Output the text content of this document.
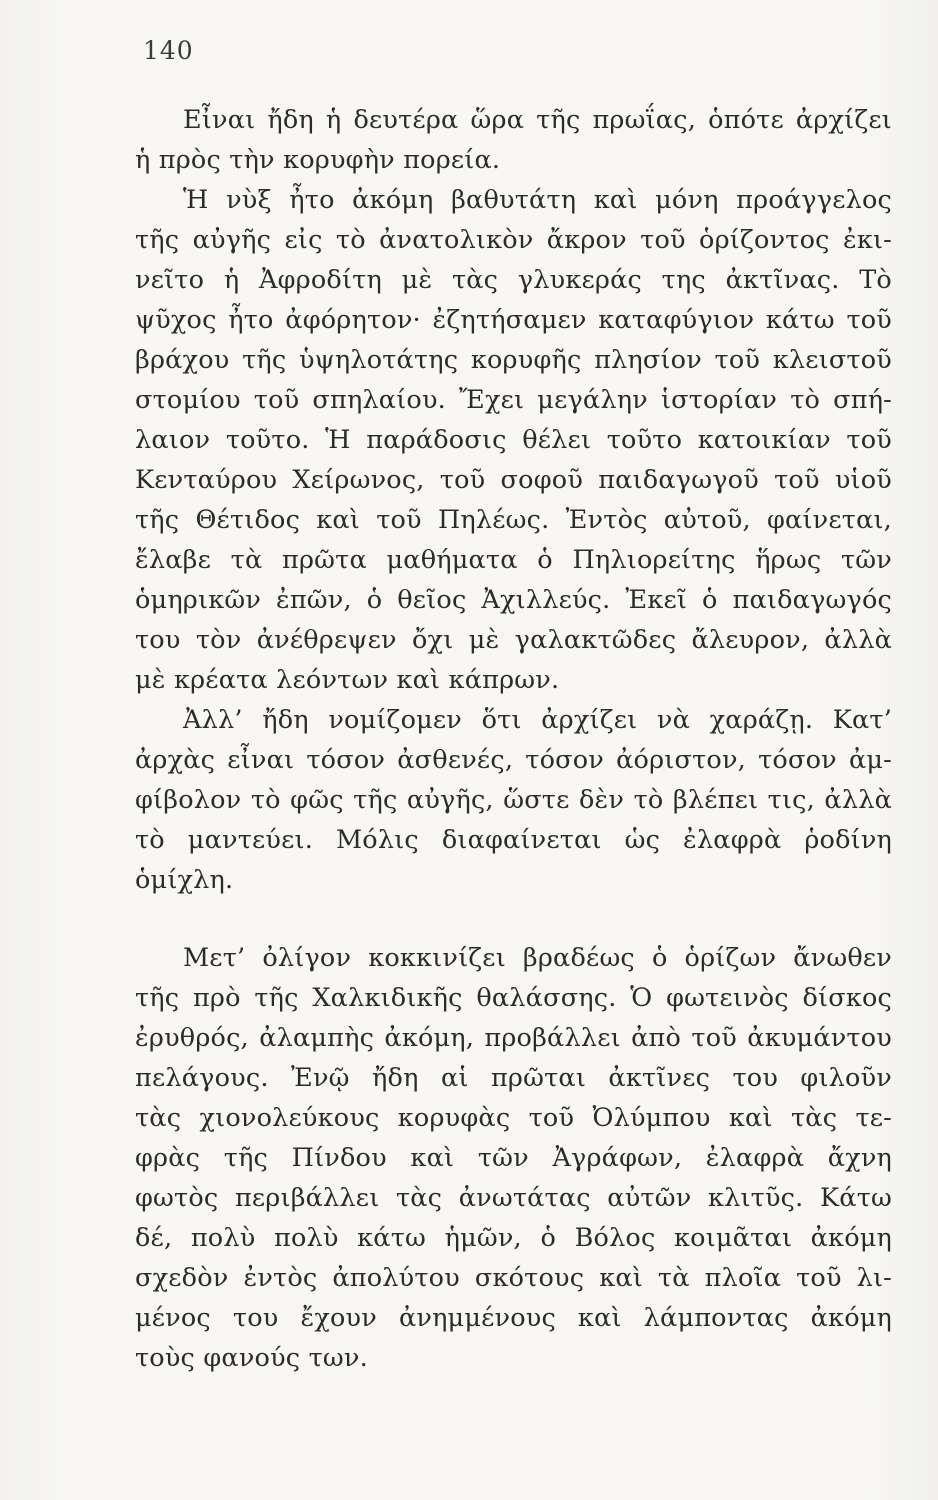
140
Εἶναι ἤδη ἡ δευτέρα ὥρα τῆς πρωΐας, ὁπότε ἀρχίζει
ἡ πρὸς τὴν κορυφὴν πορεία.
Ἡ νὺξ ἦτο ἀκόμη βαθυτάτη καὶ μόνη προάγγελος
τῆς αὐγῆς εἰς τὸ ἀνατολικὸν ἄκρον τοῦ ὁρίζοντος ἐκι-
νεῖτο ἡ Ἀφροδίτη μὲ τὰς γλυκεράς της ἀκτῖνας. Τὸ
ψῦχος ἦτο ἀφόρητον· ἐζητήσαμεν καταφύγιον κάτω τοῦ
βράχου τῆς ὑψηλοτάτης κορυφῆς πλησίον τοῦ κλειστοῦ
στομίου τοῦ σπηλαίου. Ἔχει μεγάλην ἱστορίαν τὸ σπή-
λαιον τοῦτο. Ἡ παράδοσις θέλει τοῦτο κατοικίαν τοῦ
Κενταύρου Χείρωνος, τοῦ σοφοῦ παιδαγωγοῦ τοῦ υἱοῦ
τῆς Θέτιδος καὶ τοῦ Πηλέως. Ἐντὸς αὐτοῦ, φαίνεται,
ἔλαβε τὰ πρῶτα μαθήματα ὁ Πηλιορείτης ἥρως τῶν
ὁμηρικῶν ἐπῶν, ὁ θεῖος Ἀχιλλεύς. Ἐκεῖ ὁ παιδαγωγός
του τὸν ἀνέθρεψεν ὄχι μὲ γαλακτῶδες ἄλευρον, ἀλλὰ
μὲ κρέατα λεόντων καὶ κάπρων.
Ἀλλ’ ἤδη νομίζομεν ὅτι ἀρχίζει νὰ χαράζῃ. Κατ’
ἀρχὰς εἶναι τόσον ἀσθενές, τόσον ἀόριστον, τόσον ἀμ-
φίβολον τὸ φῶς τῆς αὐγῆς, ὥστε δὲν τὸ βλέπει τις, ἀλλὰ
τὸ μαντεύει. Μόλις διαφαίνεται ὡς ἐλαφρὰ ῥοδίνη
ὁμίχλη.
Μετ’ ὀλίγον κοκκινίζει βραδέως ὁ ὁρίζων ἄνωθεν
τῆς πρὸ τῆς Χαλκιδικῆς θαλάσσης. Ὁ φωτεινὸς δίσκος
ἐρυθρός, ἀλαμπὴς ἀκόμη, προβάλλει ἀπὸ τοῦ ἀκυμάντου
πελάγους. Ἐνῷ ἤδη αἱ πρῶται ἀκτῖνες του φιλοῦν
τὰς χιονολεύκους κορυφὰς τοῦ Ὀλύμπου καὶ τὰς τε-
φρὰς τῆς Πίνδου καὶ τῶν Ἀγράφων, ἐλαφρὰ ἄχνη
φωτὸς περιβάλλει τὰς ἀνωτάτας αὐτῶν κλιτῦς. Κάτω
δέ, πολὺ πολὺ κάτω ἡμῶν, ὁ Βόλος κοιμᾶται ἀκόμη
σχεδὸν ἐντὸς ἀπολύτου σκότους καὶ τὰ πλοῖα τοῦ λι-
μένος του ἔχουν ἀνημμένους καὶ λάμποντας ἀκόμη
τοὺς φανούς των.
